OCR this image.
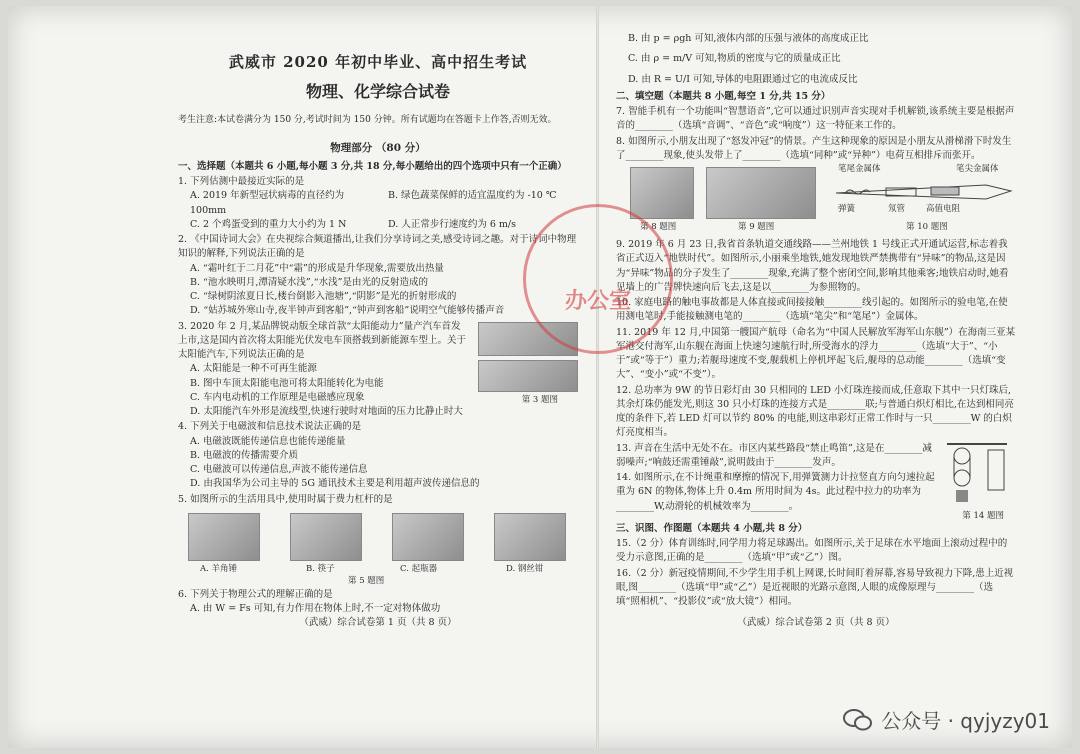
武威市 2020 年初中毕业、高中招生考试
物理、化学综合试卷
考生注意:本试卷满分为 150 分,考试时间为 150 分钟。所有试题均在答题卡上作答,否则无效。
物理部分 （80 分）
一、选择题（本题共 6 小题,每小题 3 分,共 18 分,每小题给出的四个选项中只有一个正确）
1. 下列估测中最接近实际的是
A. 2019 年新型冠状病毒的直径约为 100mm
B. 绿色蔬菜保鲜的适宜温度约为 -10 ℃
C. 2 个鸡蛋受到的重力大小约为 1 N	D. 人正常步行速度约为 6 m/s
2. 《中国诗词大会》在央视综合频道播出,让我们分享诗词之美,感受诗词之趣。对于诗词中物理知识的解释,下列说法正确的是
A. “霜叶红于二月花”中“霜”的形成是升华现象,需要放出热量
B. “池水映明月,潭清疑水浅”,“水浅”是由光的反射造成的
C. “绿树阴浓夏日长,楼台倒影入池塘”,“阴影”是光的折射形成的
D. “姑苏城外寒山寺,夜半钟声到客船”,“钟声到客船”说明空气能够传播声音
3. 2020 年 2 月,某品牌锐动版全球首款“太阳能动力”量产汽车首发上市,这是国内首次将太阳能光伏发电车顶搭载到新能源车型上。关于太阳能汽车,下列说法正确的是
A. 太阳能是一种不可再生能源
B. 图中车顶太阳能电池可将太阳能转化为电能
C. 车内电动机的工作原理是电磁感应现象
D. 太阳能汽车外形是流线型,快速行驶时对地面的压力比静止时大
第 3 题图
4. 下列关于电磁波和信息技术说法正确的是
A. 电磁波既能传递信息也能传递能量
B. 电磁波的传播需要介质
C. 电磁波可以传递信息,声波不能传递信息
D. 由我国华为公司主导的 5G 通讯技术主要是利用超声波传递信息的
5. 如图所示的生活用具中,使用时属于费力杠杆的是
A. 羊角锤	B. 筷子	C. 起瓶器	D. 钢丝钳
第 5 题图
6. 下列关于物理公式的理解正确的是
A. 由 W = Fs 可知,有力作用在物体上时,不一定对物体做功
（武威）综合试卷第 1 页（共 8 页）
B. 由 p = ρgh 可知,液体内部的压强与液体的高度成正比
C. 由 ρ = m/V 可知,物质的密度与它的质量成正比
D. 由 R = U/I 可知,导体的电阻跟通过它的电流成反比
二、填空题（本题共 8 小题,每空 1 分,共 15 分）
7. 智能手机有一个功能叫“智慧语音”,它可以通过识别声音实现对手机解锁,该系统主要是根据声音的________（选填“音调”、“音色”或“响度”）这一特征来工作的。
8. 如图所示,小朋友出现了“怒发冲冠”的情景。产生这种现象的原因是小朋友从滑梯滑下时发生了________现象,使头发带上了________（选填“同种”或“异种”）电荷互相排斥而张开。
第 8 题图	第 9 题图
笔尾金属体	笔尖金属体
弹簧	氖管 高值电阻
第 10 题图
9. 2019 年 6 月 23 日,我省首条轨道交通线路——兰州地铁 1 号线正式开通试运营,标志着我省正式迈入“地铁时代”。如图所示,小丽乘坐地铁,她发现地铁严禁携带有“异味”的物品,这是因为“异味”物品的分子发生了________现象,充满了整个密闭空间,影响其他乘客;地铁启动时,她看见墙上的广告牌快速向后飞去,这是以________为参照物的。
10. 家庭电路的触电事故都是人体直接或间接接触________线引起的。如图所示的验电笔,在使用测电笔时,手能接触测电笔的________（选填“笔尖”和“笔尾”）金属体。
11. 2019 年 12 月,中国第一艘国产航母（命名为“中国人民解放军海军山东舰”）在海南三亚某军港交付海军,山东舰在海面上快速匀速航行时,所受海水的浮力________（选填“大于”、“小于”或“等于”）重力;若舰母速度不变,舰载机上停机坪起飞后,舰母的总动能________（选填“变大”、“变小”或“不变”）。
12. 总功率为 9W 的节日彩灯由 30 只相同的 LED 小灯珠连接而成,任意取下其中一只灯珠后,其余灯珠仍能发光,则这 30 只小灯珠的连接方式是________联;与普通白炽灯相比,在达到相同亮度的条件下,若 LED 灯可以节约 80% 的电能,则这串彩灯正常工作时与一只________W 的白炽灯亮度相当。
13. 声音在生活中无处不在。市区内某些路段“禁止鸣笛”,这是在________减弱噪声;“响鼓还需重锤敲”,说明鼓由于________发声。
14. 如图所示,在不计绳重和摩擦的情况下,用弹簧测力计拉竖直方向匀速拉起重为 6N 的物体,物体上升 0.4m 所用时间为 4s。此过程中拉力的功率为________W,动滑轮的机械效率为________。
第 14 题图
三、识图、作图题（本题共 4 小题,共 8 分）
15.（2 分）体育训练时,同学用力将足球踢出。如图所示,关于足球在水平地面上滚动过程中的受力示意图,正确的是________（选填“甲”或“乙”）图。
16.（2 分）新冠疫情期间,不少学生用手机上网课,长时间盯着屏幕,容易导致视力下降,患上近视眼,图________（选填“甲”或“乙”）是近视眼的光路示意图,人眼的成像原理与________（选填“照相机”、“投影仪”或“放大镜”）相同。
（武威）综合试卷第 2 页（共 8 页）
办公室
公众号 · qyjyzy01
